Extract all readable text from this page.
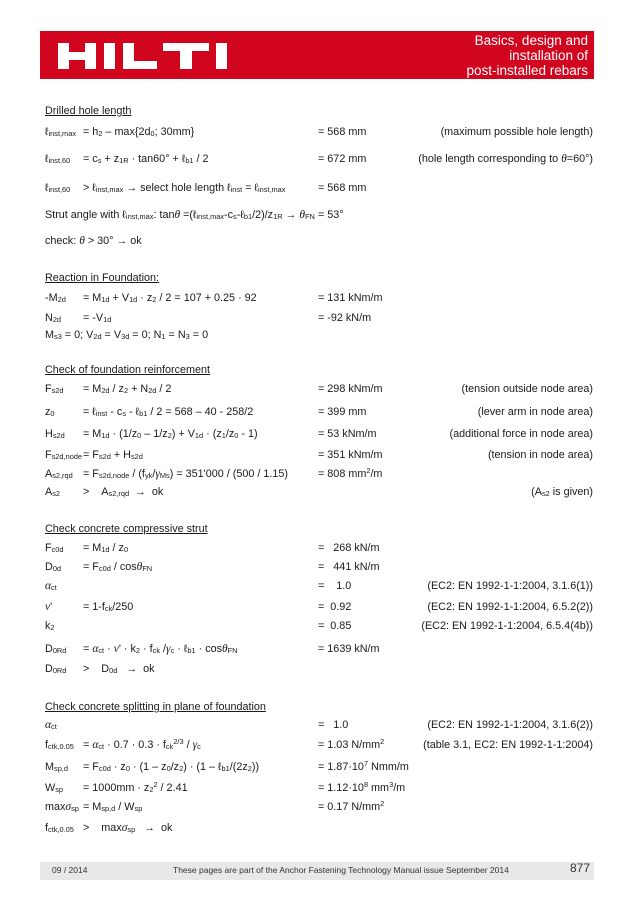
Basics, design and
installation of
post-installed rebars
Drilled hole length
ℓ$_{inst,max}$ = $h_2 - \max\{2d_0$; 30mm}	= 568 mm	(maximum possible hole length)
ℓ$_{inst,60}$ = $c_s + z_{1R} \cdot \tan 60^\circ$ + ℓ$_{b1}$ / 2	= 672 mm	(hole length corresponding to θ=60°)
ℓ$_{inst,60}$ > ℓ$_{inst,max}$ → select hole length ℓ$_{inst}$ = ℓ$_{inst,max}$	= 568 mm
Strut angle with ℓ$_{inst,max}$: $\tan\theta =(\ell_{inst,max}-c_s-\ell_{b1}/2)/z_{1R} \to \theta_{FN} = 53^\circ$
check: θ > 30° → ok
Reaction in Foundation:
$-M_{2d} = M_{1d} + V_{1d} \cdot z_2 / 2 = 107 + 0.25 \cdot 92$	= 131 kNm/m
$N_{2d} = -V_{1d}$	= -92 kN/m
$M_{s3} = 0$; $V_{2d} = V_{3d} = 0$; $N_1 = N_3 = 0$
Check of foundation reinforcement
$F_{s2d} = M_{2d} / z_2 + N_{2d} / 2$	= 298 kNm/m	(tension outside node area)
$z_0$	= ℓ$_{inst}$ - $c_s$ - ℓ$_{b1}$ / 2 = 568 – 40 - 258/2	= 399 mm	(lever arm in node area)
$H_{s2d} = M_{1d} \cdot (1/z_0 - 1/z_2) + V_{1d} \cdot (z_1/z_0 - 1)$	= 53 kNm/m	(additional force in node area)
$F_{s2d,node} = F_{s2d} + H_{s2d}$	= 351 kNm/m	(tension in node area)
$A_{s2,rqd} = F_{s2d,node} / (f_{yk}/\gamma_{Ms}) = 351'000 / (500 / 1.15)$	= 808 $mm^2/m$
$A_{s2}$ >    $A_{s2,rqd}$  →  ok	($A_{s2}$ is given)
Check concrete compressive strut
$F_{c0d} = M_{1d} / z_0$	=   268 kN/m
$D_{0d} = F_{c0d} / \cos\theta_{FN}$	=   441 kN/m
$\alpha_{ct}$	=    1.0	(EC2: EN 1992-1-1:2004, 3.1.6(1))
ν'	= $1-f_{ck}/250$	=  0.92	(EC2: EN 1992-1-1:2004, 6.5.2(2))
$k_2$	=  0.85	(EC2: EN 1992-1-1:2004, 6.5.4(4b))
$D_{0Rd} = \alpha_{ct} \cdot \nu' \cdot k_2 \cdot f_{ck}$ $/\gamma_c$ · ℓ$_{b1}$ · cosθ$_{FN}$	= 1639 kN/m
$D_{0Rd}$ >    $D_{0d}$   →  ok
Check concrete splitting in plane of foundation
$\alpha_{ct}$	=   1.0	(EC2: EN 1992-1-1:2004, 3.1.6(2))
$f_{ctk,0.05} = \alpha_{ct} \cdot 0.7 \cdot 0.3 \cdot f_{ck}^{2/3} / \gamma_c$	= 1.03 $N/mm^2$	(table 3.1, EC2: EN 1992-1-1:2004)
$M_{sp,d} = F_{c0d} \cdot z_0 \cdot (1 - z_0/z_2) \cdot (1$ – $\ell_{b1}/(2z_2)$)	= $1.87\cdot 10^7$ Nmm/m
$W_{sp} = 1000mm \cdot z_2^2 / 2.41$	= $1.12\cdot 10^8$ $mm^3/m$
$\max\sigma_{sp} = M_{sp,d} / W_{sp}$	= 0.17 $N/mm^2$
$f_{ctk,0.05}$ >    maxσ$_{sp}$   →  ok
09 / 2014	These pages are part of the Anchor Fastening Technology Manual issue September 2014	877
